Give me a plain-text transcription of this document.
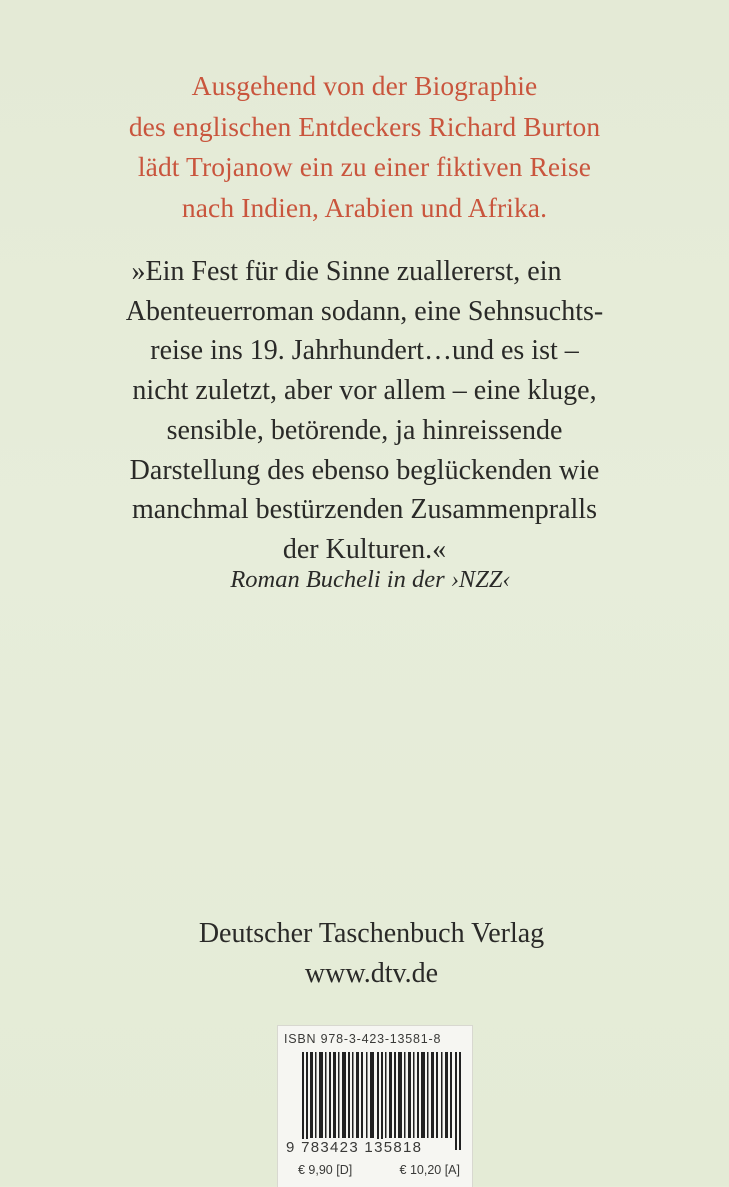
Ausgehend von der Biographie
des englischen Entdeckers Richard Burton
lädt Trojanow ein zu einer fiktiven Reise
nach Indien, Arabien und Afrika.
»Ein Fest für die Sinne zuallererst, ein
Abenteuerroman sodann, eine Sehnsuchts-
reise ins 19. Jahrhundert…und es ist –
nicht zuletzt, aber vor allem – eine kluge,
sensible, betörende, ja hinreissende
Darstellung des ebenso beglückenden wie
manchmal bestürzenden Zusammenpralls
der Kulturen.«
Roman Bucheli in der ›NZZ‹
Deutscher Taschenbuch Verlag
www.dtv.de
ISBN 978-3-423-13581-8
9 783423 135818
€ 9,90 [D]	€ 10,20 [A]
